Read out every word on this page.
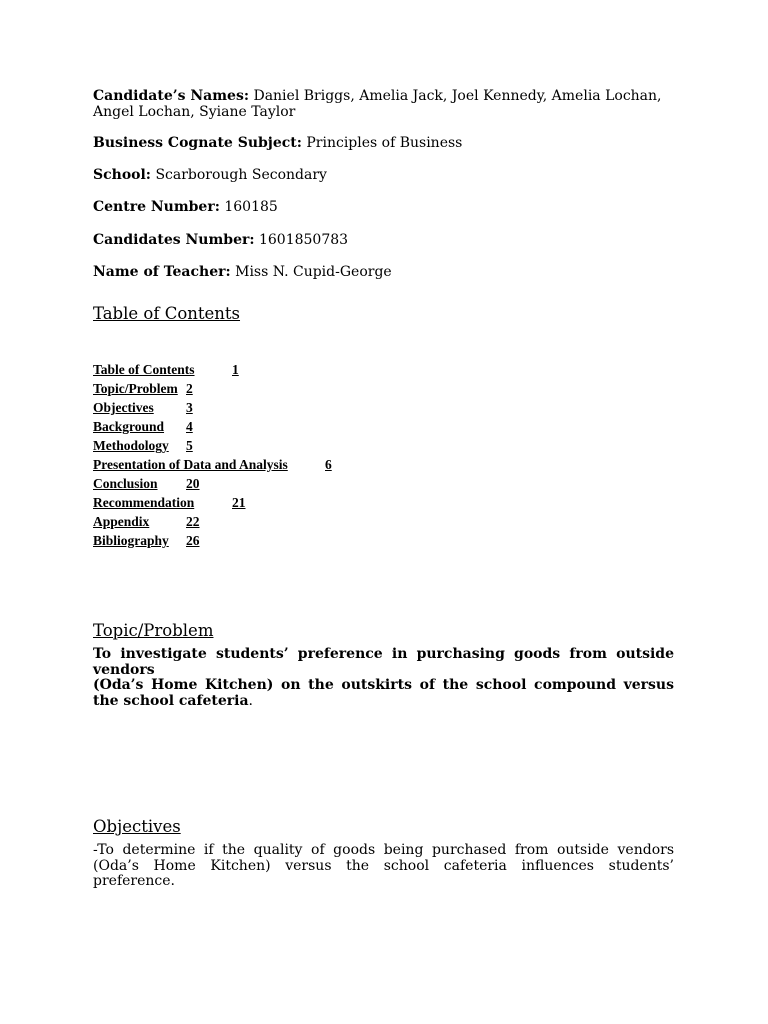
Candidate’s Names: Daniel Briggs, Amelia Jack, Joel Kennedy, Amelia Lochan,
Angel Lochan, Syiane Taylor
Business Cognate Subject: Principles of Business
School: Scarborough Secondary
Centre Number: 160185
Candidates Number: 1601850783
Name of Teacher: Miss N. Cupid-George
Table of Contents
Table of Contents	1
Topic/Problem 2
Objectives 3
Background 4
Methodology 5
Presentation of Data and Analysis	6
Conclusion 20
Recommendation	21
Appendix	22
Bibliography 26
Topic/Problem
To investigate students’ preference in purchasing goods from outside
vendors
(Oda’s Home Kitchen) on the outskirts of the school compound versus
the school cafeteria.
Objectives
-To determine if the quality of goods being purchased from outside vendors
(Oda’s Home Kitchen) versus the school cafeteria influences students’
preference.
